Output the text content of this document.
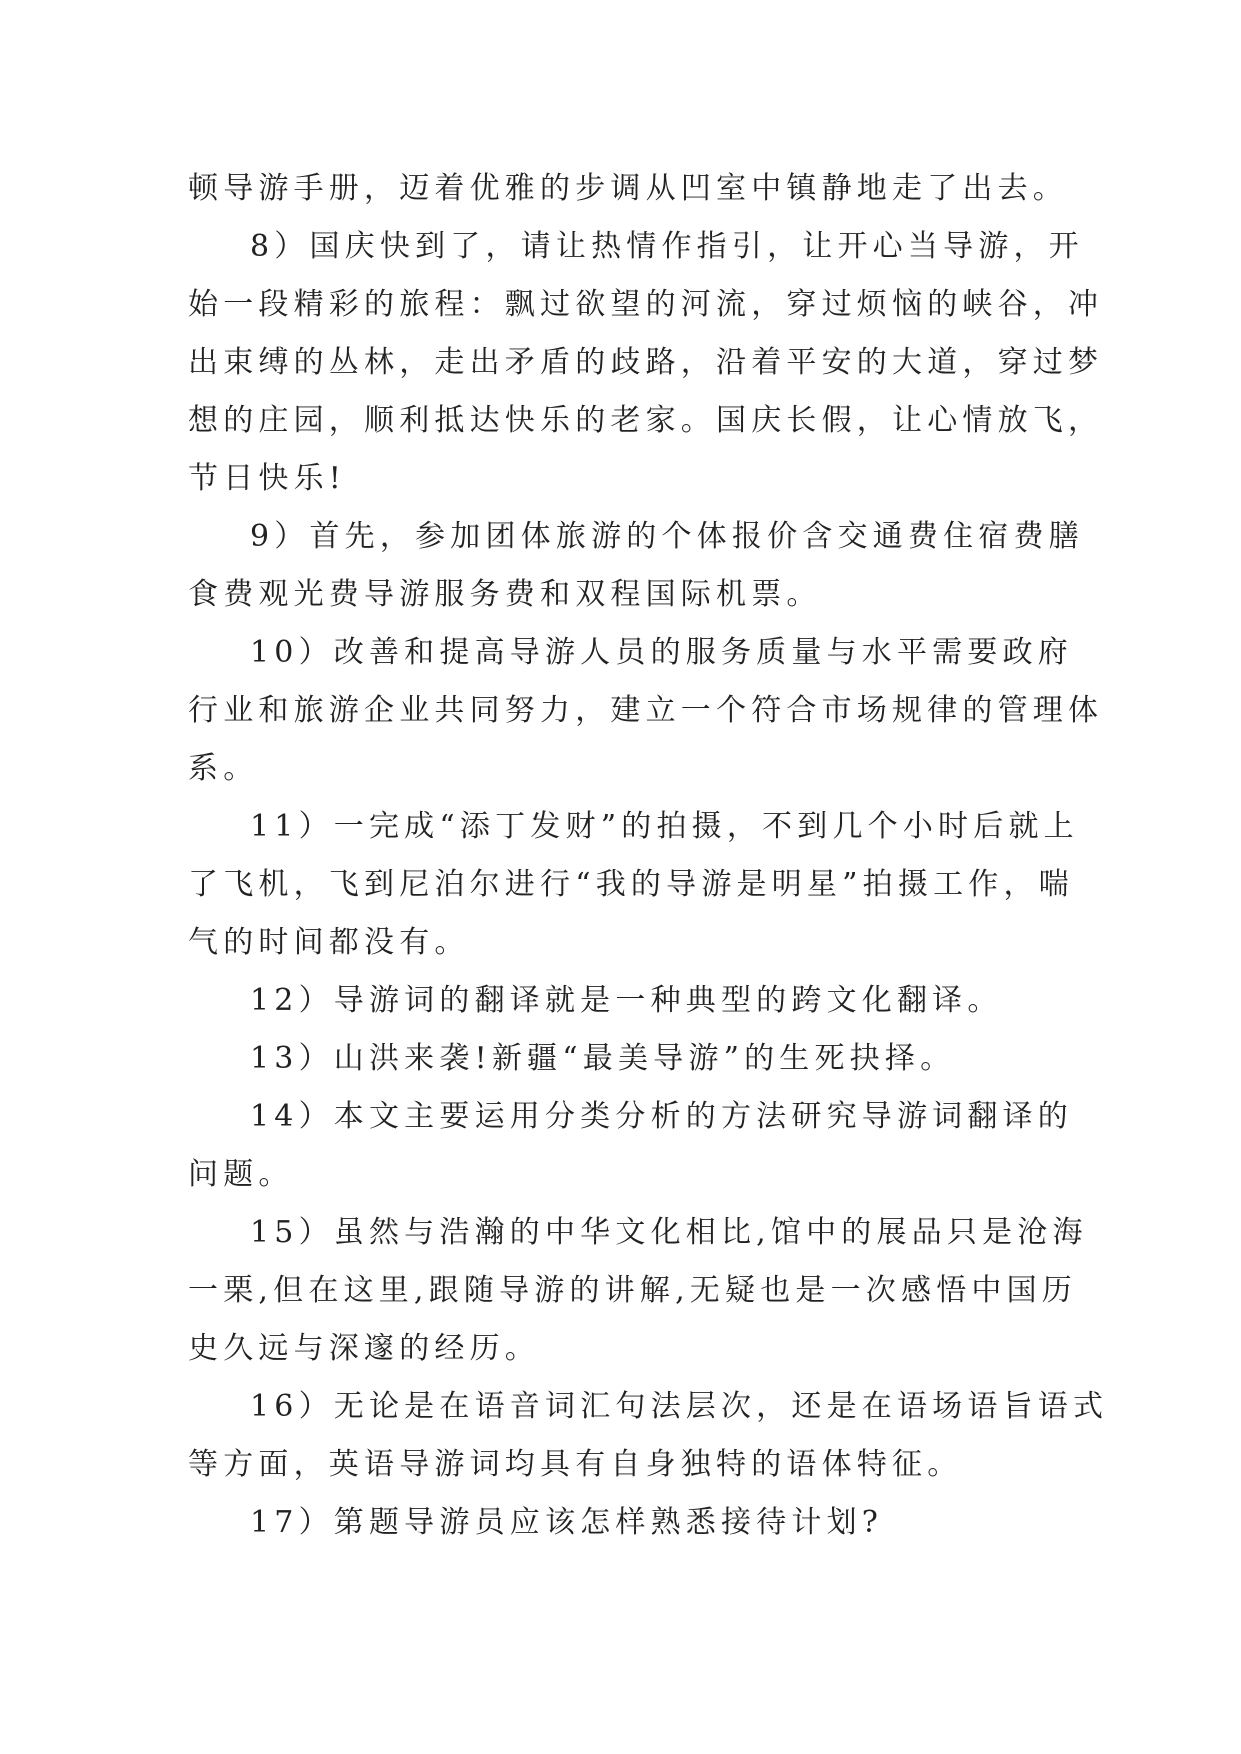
顿导游手册，迈着优雅的步调从凹室中镇静地走了出去。

8）国庆快到了，请让热情作指引，让开心当导游，开

始一段精彩的旅程：飘过欲望的河流，穿过烦恼的峡谷，冲

出束缚的丛林，走出矛盾的歧路，沿着平安的大道，穿过梦

想的庄园，顺利抵达快乐的老家。国庆长假，让心情放飞，

节日快乐!

9）首先，参加团体旅游的个体报价含交通费住宿费膳

食费观光费导游服务费和双程国际机票。

10）改善和提高导游人员的服务质量与水平需要政府

行业和旅游企业共同努力，建立一个符合市场规律的管理体

系。

11）一完成“添丁发财”的拍摄，不到几个小时后就上

了飞机，飞到尼泊尔进行“我的导游是明星”拍摄工作，喘

气的时间都没有。

12）导游词的翻译就是一种典型的跨文化翻译。

13）山洪来袭!新疆“最美导游”的生死抉择。

14）本文主要运用分类分析的方法研究导游词翻译的

问题。

15）虽然与浩瀚的中华文化相比,馆中的展品只是沧海

一栗,但在这里,跟随导游的讲解,无疑也是一次感悟中国历

史久远与深邃的经历。

16）无论是在语音词汇句法层次，还是在语场语旨语式

等方面，英语导游词均具有自身独特的语体特征。

17）第题导游员应该怎样熟悉接待计划?
